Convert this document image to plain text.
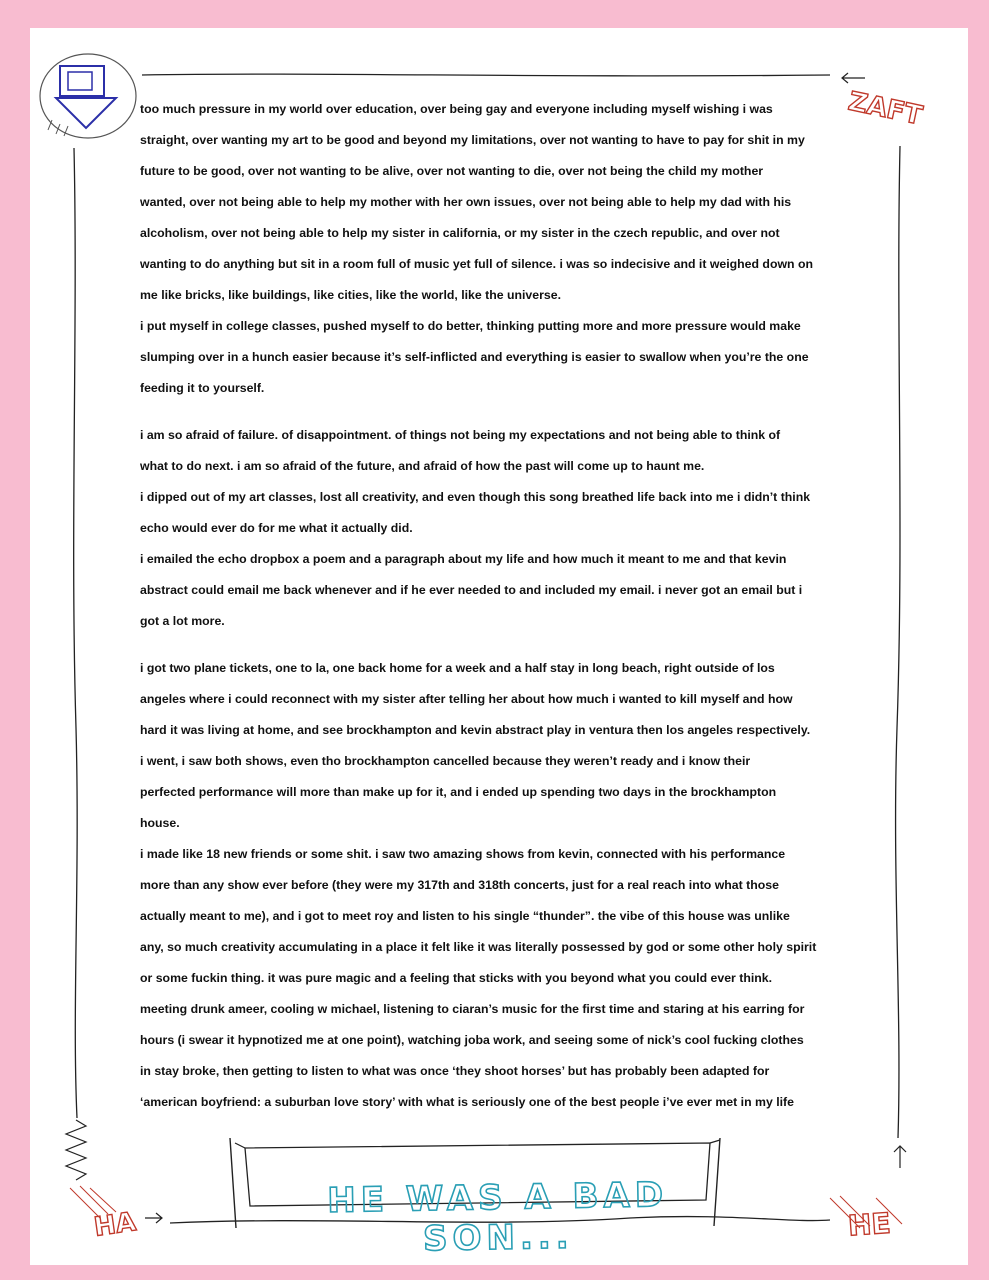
ZAFT
HA	HE
too much pressure in my world over education, over being gay and everyone including myself wishing i was
straight, over wanting my art to be good and beyond my limitations, over not wanting to have to pay for shit in my
future to be good, over not wanting to be alive, over not wanting to die, over not being the child my mother
wanted, over not being able to help my mother with her own issues, over not being able to help my dad with his
alcoholism, over not being able to help my sister in california, or my sister in the czech republic, and over not
wanting to do anything but sit in a room full of music yet full of silence. i was so indecisive and it weighed down on
me like bricks, like buildings, like cities, like the world, like the universe.
i put myself in college classes, pushed myself to do better, thinking putting more and more pressure would make
slumping over in a hunch easier because it’s self-inflicted and everything is easier to swallow when you’re the one
feeding it to yourself.
i am so afraid of failure. of disappointment. of things not being my expectations and not being able to think of
what to do next. i am so afraid of the future, and afraid of how the past will come up to haunt me.
i dipped out of my art classes, lost all creativity, and even though this song breathed life back into me i didn’t think
echo would ever do for me what it actually did.
i emailed the echo dropbox a poem and a paragraph about my life and how much it meant to me and that kevin
abstract could email me back whenever and if he ever needed to and included my email. i never got an email but i
got a lot more.
i got two plane tickets, one to la, one back home for a week and a half stay in long beach, right outside of los
angeles where i could reconnect with my sister after telling her about how much i wanted to kill myself and how
hard it was living at home, and see brockhampton and kevin abstract play in ventura then los angeles respectively.
i went, i saw both shows, even tho brockhampton cancelled because they weren’t ready and i know their
perfected performance will more than make up for it, and i ended up spending two days in the brockhampton
house.
i made like 18 new friends or some shit. i saw two amazing shows from kevin, connected with his performance
more than any show ever before (they were my 317th and 318th concerts, just for a real reach into what those
actually meant to me), and i got to meet roy and listen to his single “thunder”. the vibe of this house was unlike
any, so much creativity accumulating in a place it felt like it was literally possessed by god or some other holy spirit
or some fuckin thing. it was pure magic and a feeling that sticks with you beyond what you could ever think.
meeting drunk ameer, cooling w michael, listening to ciaran’s music for the first time and staring at his earring for
hours (i swear it hypnotized me at one point), watching joba work, and seeing some of nick’s cool fucking clothes
in stay broke, then getting to listen to what was once ‘they shoot horses’ but has probably been adapted for
‘american boyfriend: a suburban love story’ with what is seriously one of the best people i’ve ever met in my life
HE WAS A BAD SON...
